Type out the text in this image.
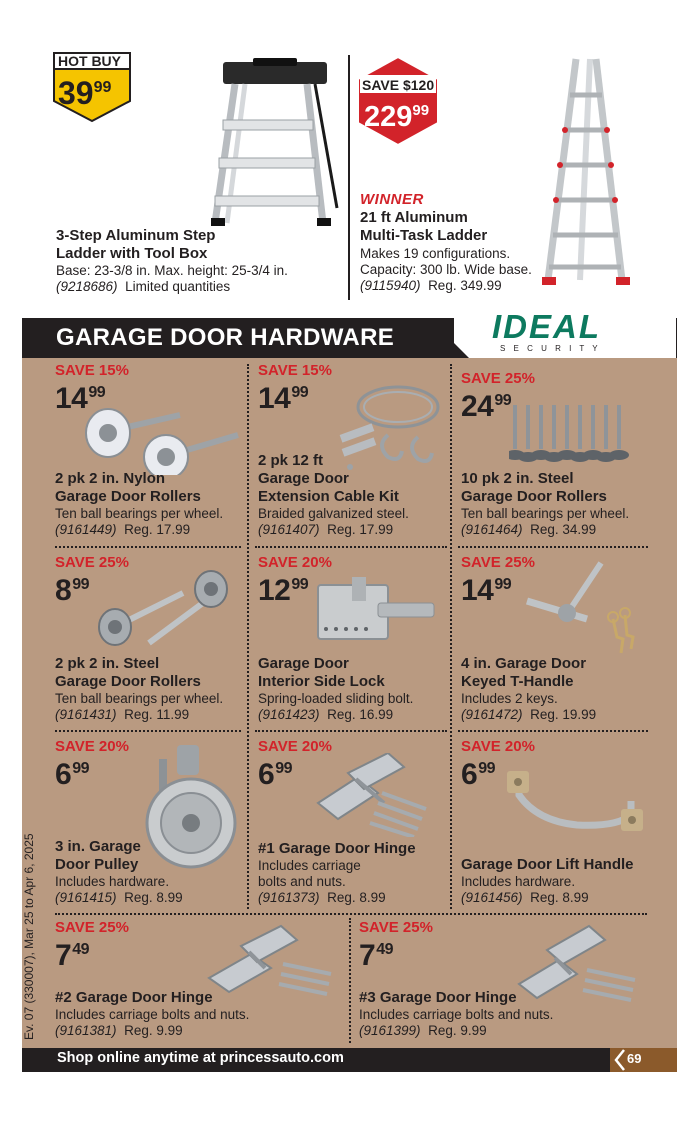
HOT BUY
$39^{99}$
3-Step Aluminum Step
Ladder with Tool Box
Base: 23-3/8 in. Max. height: 25-3/4 in.
(9218686) Limited quantities
SAVE $120
$229^{99}$
WINNER
21 ft Aluminum
Multi-Task Ladder
Makes 19 configurations.
Capacity: 300 lb. Wide base.
(9115940) Reg. 349.99
GARAGE DOOR HARDWARE	IDEAL
S E C U R I T Y
SAVE 15%
$14^{99}$
2 pk 2 in. Nylon
Garage Door Rollers
Ten ball bearings per wheel.
(9161449) Reg. 17.99
SAVE 15%
$14^{99}$
2 pk 12 ft
Garage Door
Extension Cable Kit
Braided galvanized steel.
(9161407) Reg. 17.99
SAVE 25%
$24^{99}$
10 pk 2 in. Steel
Garage Door Rollers
Ten ball bearings per wheel.
(9161464) Reg. 34.99
SAVE 25%
$8^{99}$
2 pk 2 in. Steel
Garage Door Rollers
Ten ball bearings per wheel.
(9161431) Reg. 11.99
SAVE 20%
$12^{99}$
Garage Door
Interior Side Lock
Spring-loaded sliding bolt.
(9161423) Reg. 16.99
SAVE 25%
$14^{99}$
4 in. Garage Door
Keyed T-Handle
Includes 2 keys.
(9161472) Reg. 19.99
SAVE 20%
$6^{99}$
3 in. Garage
Door Pulley
Includes hardware.
(9161415) Reg. 8.99
SAVE 20%
$6^{99}$
#1 Garage Door Hinge
Includes carriage
bolts and nuts.
(9161373) Reg. 8.99
SAVE 20%
$6^{99}$
Garage Door Lift Handle
Includes hardware.
(9161456) Reg. 8.99
SAVE 25%
$7^{49}$
#2 Garage Door Hinge
Includes carriage bolts and nuts.
(9161381) Reg. 9.99
SAVE 25%
$7^{49}$
#3 Garage Door Hinge
Includes carriage bolts and nuts.
(9161399) Reg. 9.99
Ev. 07 (330007), Mar 25 to Apr 6, 2025
Shop online anytime at princessauto.com	69
